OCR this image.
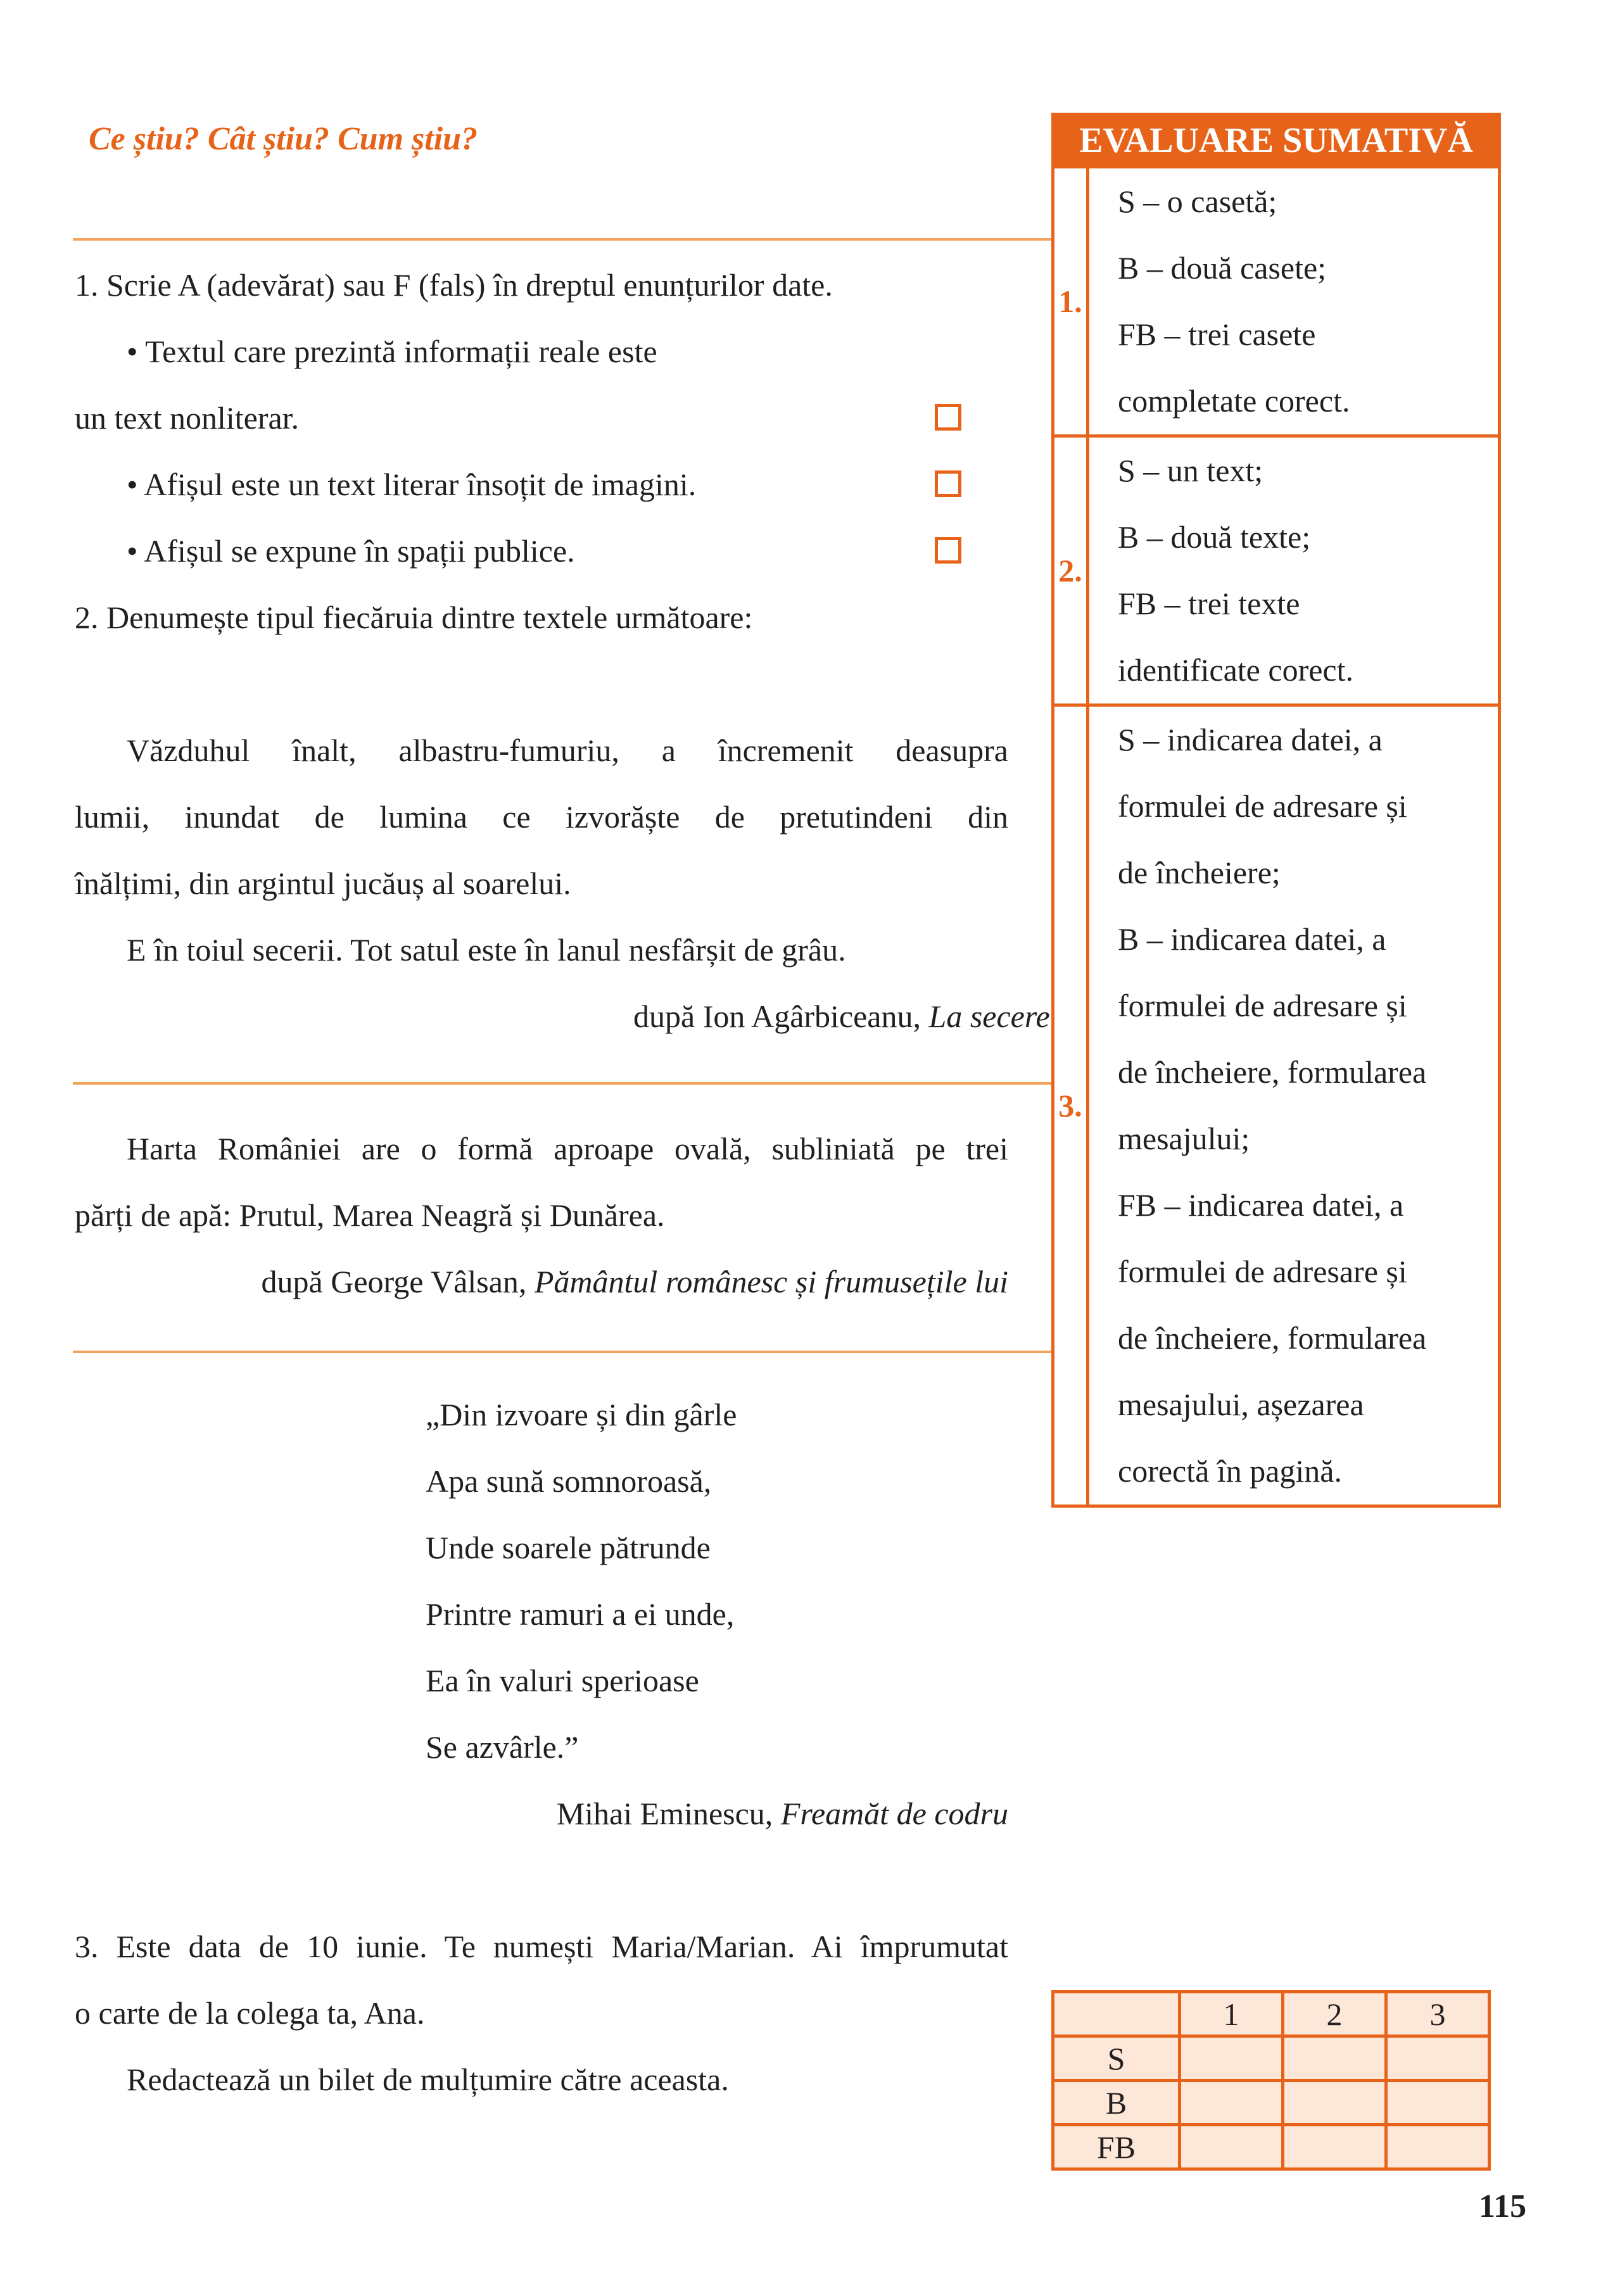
Ce știu? Cât știu? Cum știu?
1. Scrie A (adevărat) sau F (fals) în dreptul enunțurilor date.
• Textul care prezintă informații reale este
un text nonliterar.
• Afișul este un text literar însoțit de imagini.
• Afișul se expune în spații publice.
2. Denumește tipul fiecăruia dintre textele următoare:
Văzduhul înalt, albastru-fumuriu, a încremenit deasupra
lumii, inundat de lumina ce izvorăște de pretutindeni din
înălțimi, din argintul jucăuș al soarelui.
E în toiul secerii. Tot satul este în lanul nesfârșit de grâu.
după Ion Agârbiceanu, La secere
Harta României are o formă aproape ovală, subliniată pe trei
părți de apă: Prutul, Marea Neagră și Dunărea.
după George Vâlsan, Pământul românesc și frumusețile lui
„Din izvoare și din gârle
Apa sună somnoroasă,
Unde soarele pătrunde
Printre ramuri a ei unde,
Ea în valuri sperioase
Se azvârle.”
Mihai Eminescu, Freamăt de codru
3. Este data de 10 iunie. Te numești Maria/Marian. Ai împrumutat
o carte de la colega ta, Ana.
Redactează un bilet de mulțumire către aceasta.
EVALUARE SUMATIVĂ
1.
S – o casetă;
B – două casete;
FB – trei casete
completate corect.
2.
S – un text;
B – două texte;
FB – trei texte
identificate corect.
3.
S – indicarea datei, a
formulei de adresare și
de încheiere;
B – indicarea datei, a
formulei de adresare și
de încheiere, formularea
mesajului;
FB – indicarea datei, a
formulei de adresare și
de încheiere, formularea
mesajului, așezarea
corectă în pagină.
	1	2	3
S			
B			
FB			
115
